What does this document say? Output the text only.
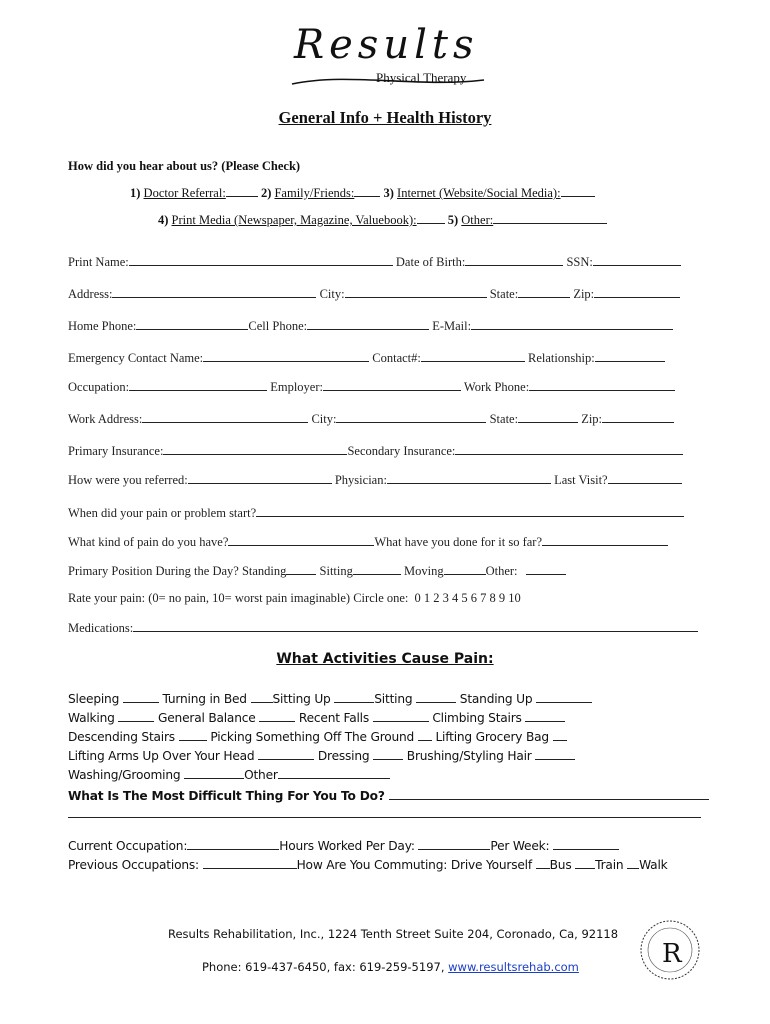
Results
Physical Therapy
General Info + Health History
How did you hear about us? (Please Check)
1) Doctor Referral:	2) Family/Friends: 3) Internet (Website/Social Media):
4) Print Media (Newspaper, Magazine, Valuebook): 5) Other:
Print Name:	Date of Birth:	SSN:
Address:	City:	State:	Zip:
Home Phone:	Cell Phone:	E-Mail:
Emergency Contact Name:	Contact#:	Relationship:
Occupation:	Employer:	Work Phone:
Work Address:	City:	State:	Zip:
Primary Insurance:	Secondary Insurance:
How were you referred:	Physician:	Last Visit?
When did your pain or problem start?
What kind of pain do you have?	What have you done for it so far?
Primary Position During the Day? Standing	Sitting	Moving	Other:
Rate your pain: (0= no pain, 10= worst pain imaginable) Circle one: 0 1 2 3 4 5 6 7 8 9 10
Medications:
What Activities Cause Pain:
Sleeping	Turning in Bed Sitting Up	Sitting	Standing Up
Walking	General Balance	Recent Falls	Climbing Stairs
Descending Stairs	Picking Something Off The Ground Lifting Grocery Bag
Lifting Arms Up Over Your Head	Dressing	Brushing/Styling Hair
Washing/Grooming	Other
What Is The Most Difficult Thing For You To Do?
Current Occupation:	Hours Worked Per Day:	Per Week:
Previous Occupations:	How Are You Commuting: Drive Yourself Bus Train Walk
Results Rehabilitation, Inc., 1224 Tenth Street Suite 204, Coronado, Ca, 92118
Phone: 619-437-6450, fax: 619-259-5197, www.resultsrehab.com	R
